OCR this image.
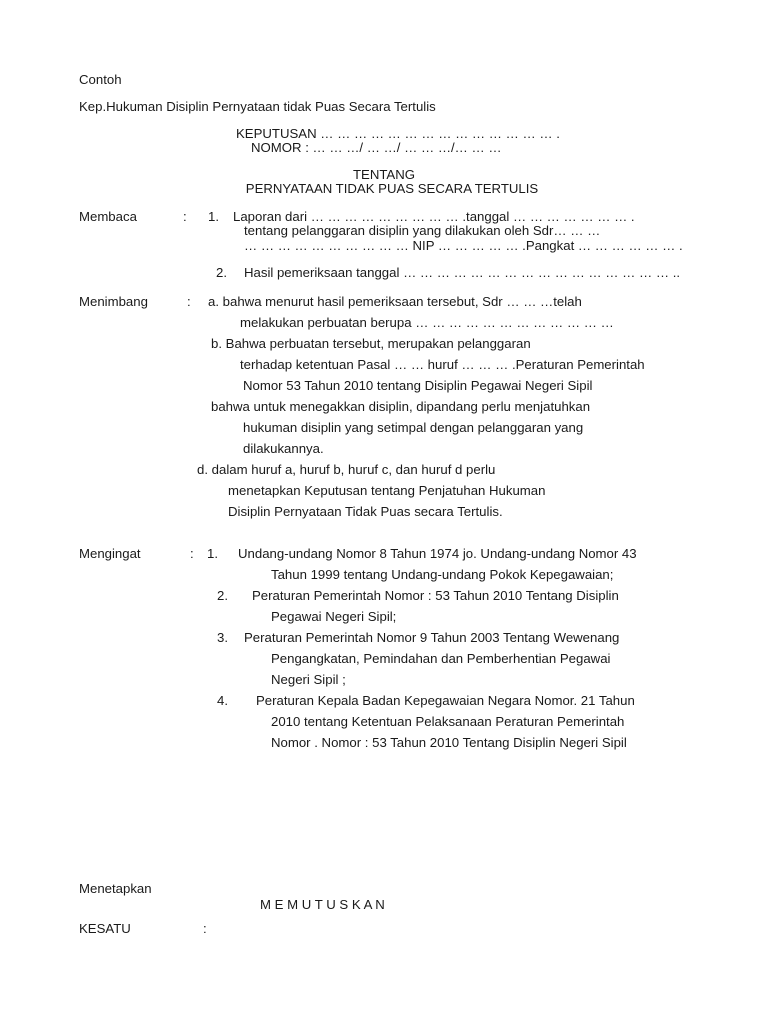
Contoh
Kep.Hukuman Disiplin Pernyataan tidak Puas Secara Tertulis
KEPUTUSAN … … … … … … … … … … … … … … .
NOMOR : … … …/ … …/ … … …/… … …
TENTANG
PERNYATAAN TIDAK PUAS SECARA TERTULIS
Membaca	: 1. Laporan dari … … … … … … … … … .tanggal … … … … … … … .
tentang pelanggaran disiplin yang dilakukan oleh Sdr… … …
… … … … … … … … … … NIP … … … … … .Pangkat … … … … … … .
2. Hasil pemeriksaan tanggal … … … … … … … … … … … … … … … … ..
Menimbang	: a. bahwa menurut hasil pemeriksaan tersebut, Sdr … … …telah
melakukan perbuatan berupa … … … … … … … … … … … …
b. Bahwa perbuatan tersebut, merupakan pelanggaran
terhadap ketentuan Pasal … … huruf … … … .Peraturan Pemerintah
Nomor 53 Tahun 2010 tentang Disiplin Pegawai Negeri Sipil
bahwa untuk menegakkan disiplin, dipandang perlu menjatuhkan
hukuman disiplin yang setimpal dengan pelanggaran yang
dilakukannya.
d. dalam huruf a, huruf b, huruf c, dan huruf d perlu
menetapkan Keputusan tentang Penjatuhan Hukuman
Disiplin Pernyataan Tidak Puas secara Tertulis.
Mengingat	: 1. Undang-undang Nomor 8 Tahun 1974 jo. Undang-undang Nomor 43
Tahun 1999 tentang Undang-undang Pokok Kepegawaian;
2. Peraturan Pemerintah Nomor : 53 Tahun 2010 Tentang Disiplin
Pegawai Negeri Sipil;
3. Peraturan Pemerintah Nomor 9 Tahun 2003 Tentang Wewenang
Pengangkatan, Pemindahan dan Pemberhentian Pegawai
Negeri Sipil ;
4. Peraturan Kepala Badan Kepegawaian Negara Nomor. 21 Tahun
2010 tentang Ketentuan Pelaksanaan Peraturan Pemerintah
Nomor . Nomor : 53 Tahun 2010 Tentang Disiplin Negeri Sipil
Menetapkan
M E M U T U S K A N
KESATU	:
